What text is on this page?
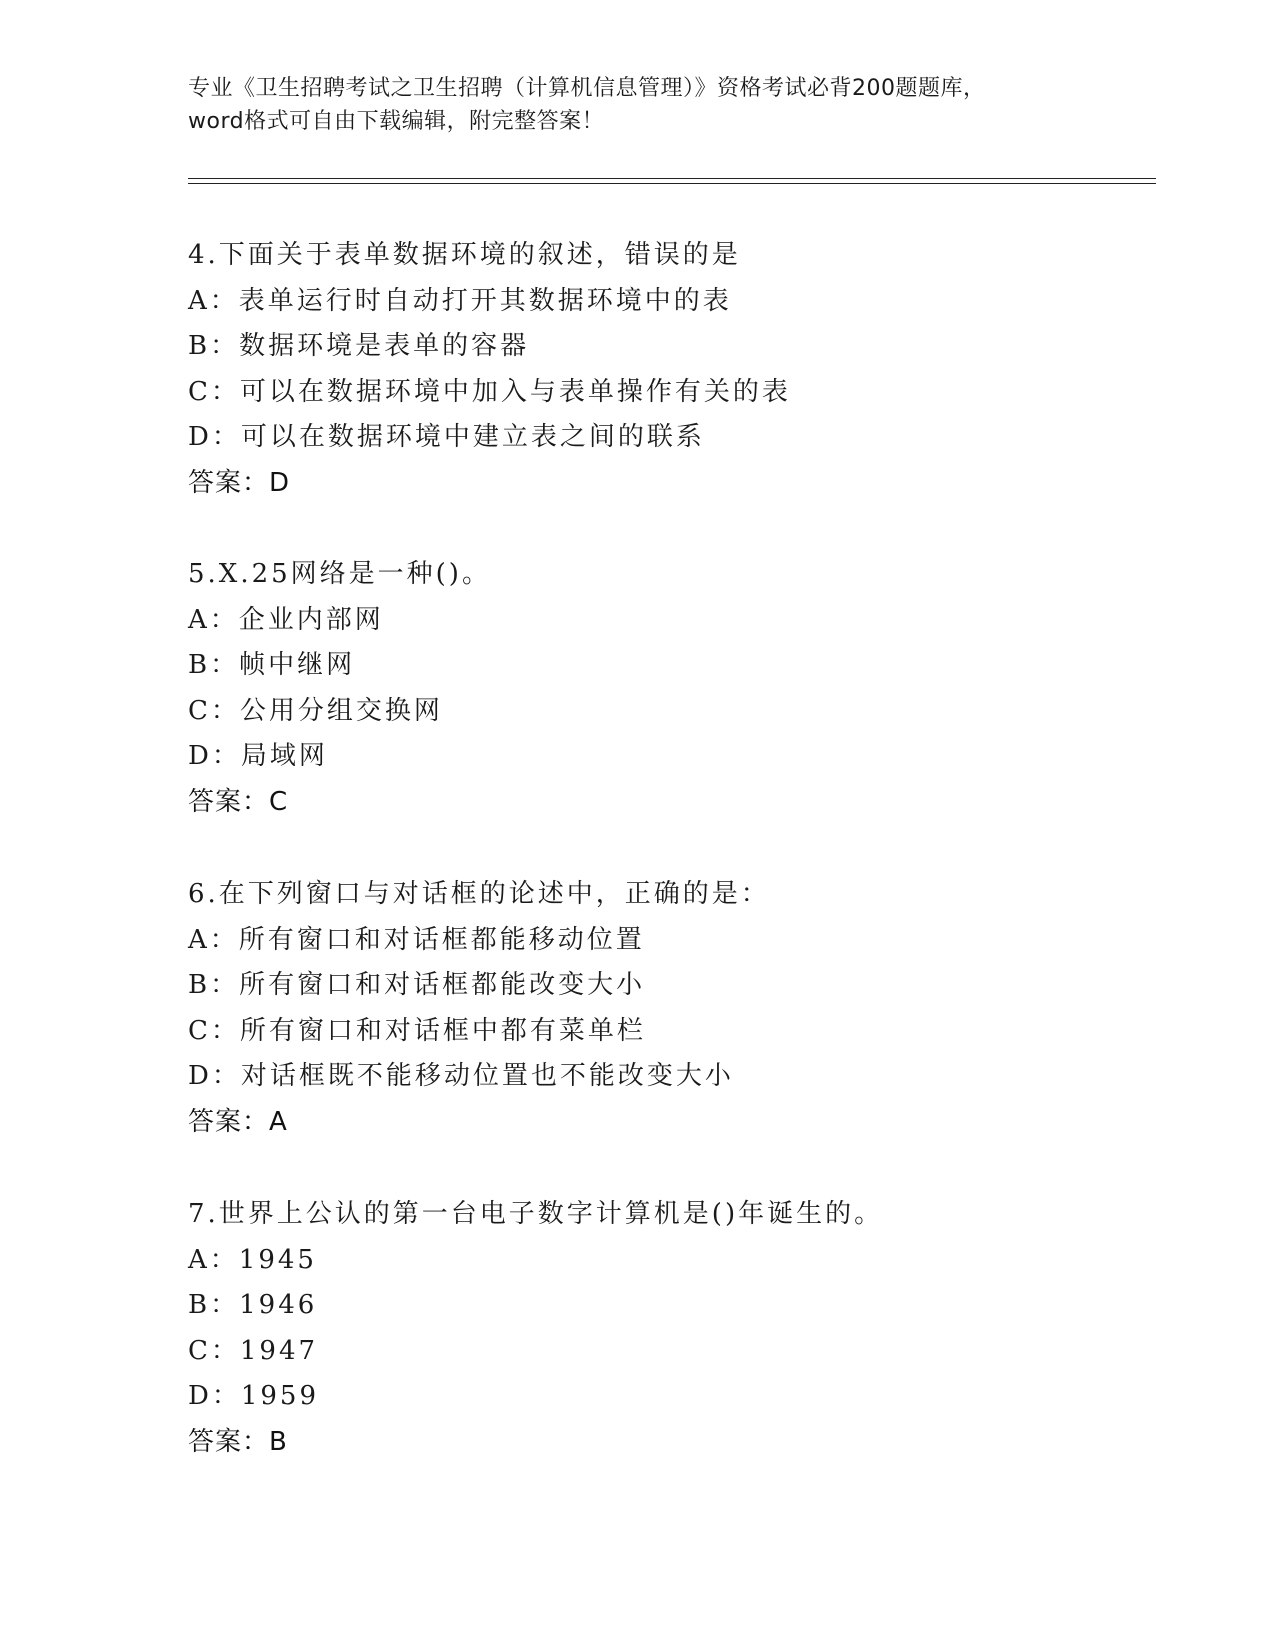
专业《卫生招聘考试之卫生招聘（计算机信息管理）》资格考试必背200题题库，
word格式可自由下载编辑，附完整答案！
4.下面关于表单数据环境的叙述，错误的是
A：表单运行时自动打开其数据环境中的表
B：数据环境是表单的容器
C：可以在数据环境中加入与表单操作有关的表
D：可以在数据环境中建立表之间的联系
答案：D
5.X.25网络是一种()。
A：企业内部网
B：帧中继网
C：公用分组交换网
D：局域网
答案：C
6.在下列窗口与对话框的论述中，正确的是：
A：所有窗口和对话框都能移动位置
B：所有窗口和对话框都能改变大小
C：所有窗口和对话框中都有菜单栏
D：对话框既不能移动位置也不能改变大小
答案：A
7.世界上公认的第一台电子数字计算机是()年诞生的。
A：1945
B：1946
C：1947
D：1959
答案：B
